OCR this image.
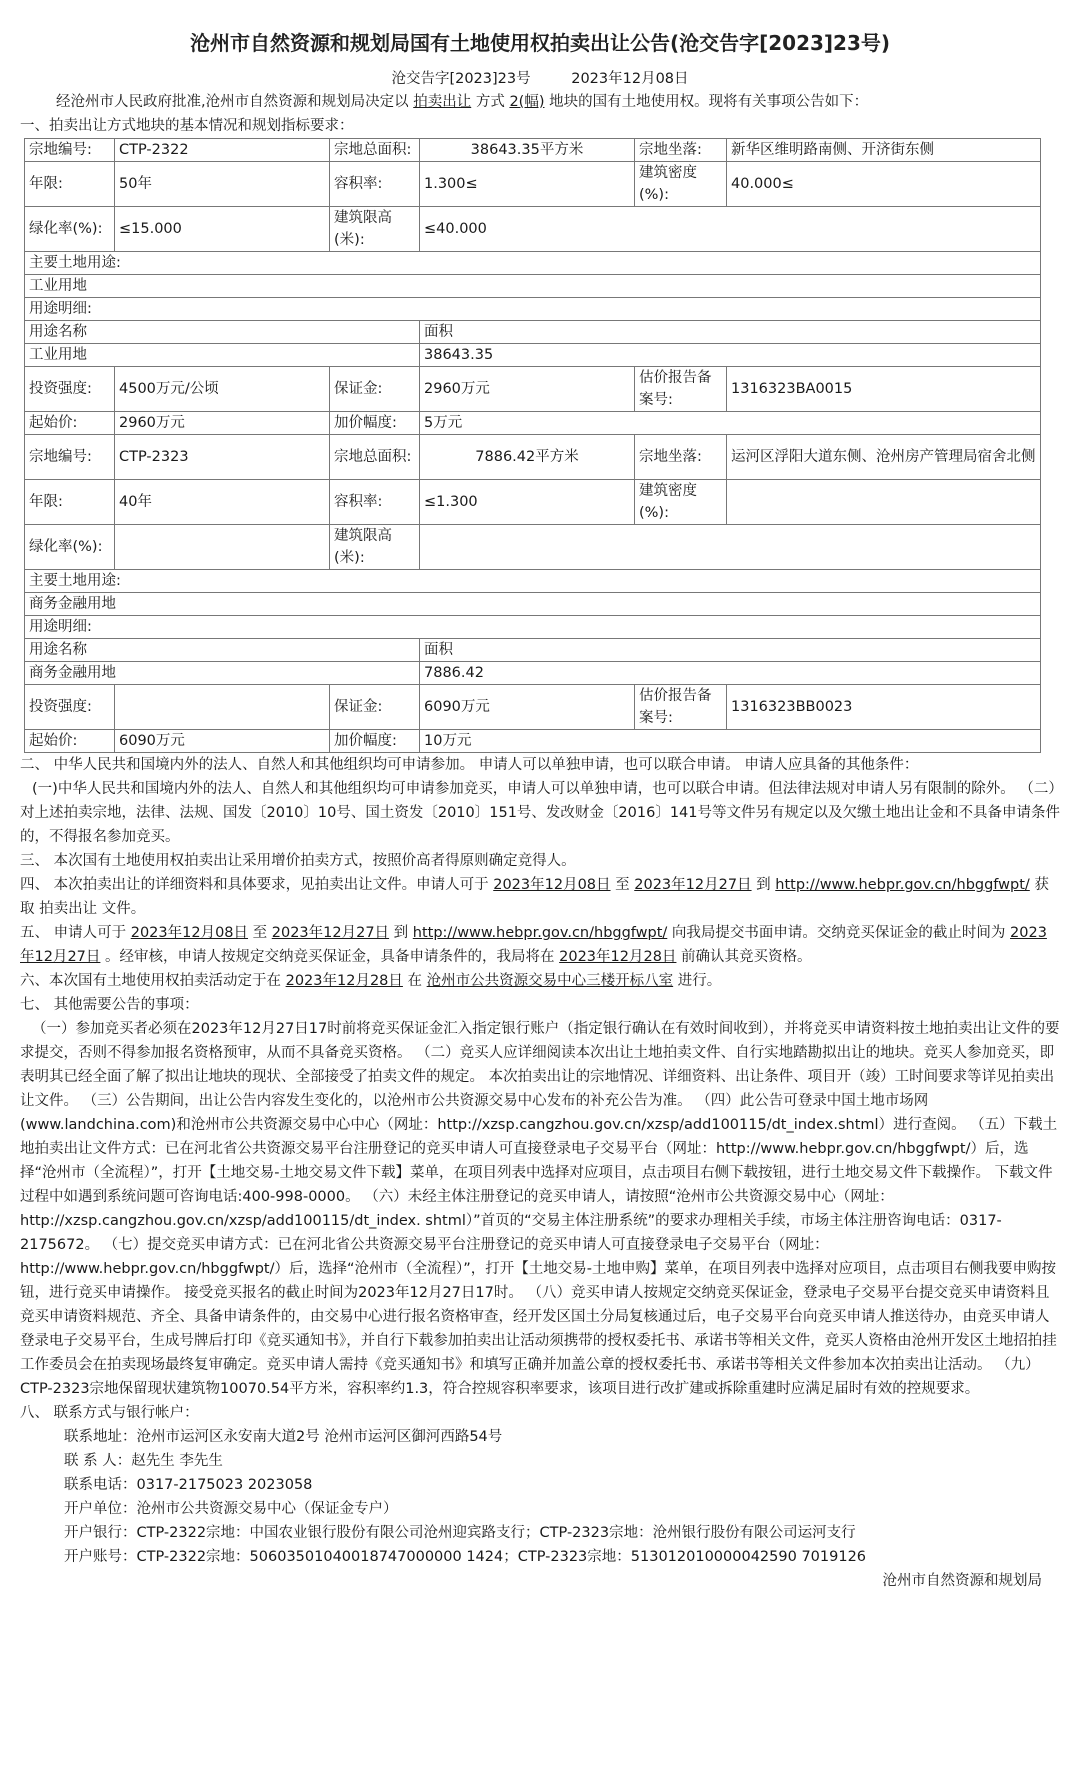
沧州市自然资源和规划局国有土地使用权拍卖出让公告(沧交告字[2023]23号)
沧交告字[2023]23号	2023年12月08日

经沧州市人民政府批准,沧州市自然资源和规划局决定以 拍卖出让 方式 2(幅) 地块的国有土地使用权。现将有关事项公告如下：

一、拍卖出让方式地块的基本情况和规划指标要求：

宗地编号:	CTP-2322	宗地总面积:	38643.35平方米	宗地坐落:	新华区维明路南侧、开济街东侧
年限:	50年	容积率:	1.300≤	建筑密度(%):	40.000≤
绿化率(%):	≤15.000	建筑限高(米):	≤40.000		
主要土地用途:					
工业用地					
用途明细:					
用途名称			面积		
工业用地			38643.35		
投资强度:	4500万元/公顷	保证金:	2960万元	估价报告备案号:	1316323BA0015
起始价:	2960万元	加价幅度:	5万元		
宗地编号:	CTP-2323	宗地总面积:	7886.42平方米	宗地坐落:	运河区浮阳大道东侧、沧州房产管理局宿舍北侧
年限:	40年	容积率:	≤1.300	建筑密度(%):	
绿化率(%):		建筑限高(米):			
主要土地用途:					
商务金融用地					
用途明细:					
用途名称			面积		
商务金融用地			7886.42		
投资强度:		保证金:	6090万元	估价报告备案号:	1316323BB0023
起始价:	6090万元	加价幅度:	10万元		

二、 中华人民共和国境内外的法人、自然人和其他组织均可申请参加。 申请人可以单独申请，也可以联合申请。 申请人应具备的其他条件：

(一)中华人民共和国境内外的法人、自然人和其他组织均可申请参加竞买，申请人可以单独申请，也可以联合申请。但法律法规对申请人另有限制的除外。 （二）对上述拍卖宗地，法律、法规、国发〔2010〕10号、国土资发〔2010〕151号、发改财金〔2016〕141号等文件另有规定以及欠缴土地出让金和不具备申请条件的，不得报名参加竞买。

三、 本次国有土地使用权拍卖出让采用增价拍卖方式，按照价高者得原则确定竞得人。

四、 本次拍卖出让的详细资料和具体要求，见拍卖出让文件。申请人可于 2023年12月08日 至 2023年12月27日 到 http://www.hebpr.gov.cn/hbggfwpt/ 获取 拍卖出让 文件。

五、 申请人可于 2023年12月08日 至 2023年12月27日 到 http://www.hebpr.gov.cn/hbggfwpt/ 向我局提交书面申请。交纳竞买保证金的截止时间为 2023年12月27日 。经审核，申请人按规定交纳竞买保证金，具备申请条件的，我局将在 2023年12月28日 前确认其竞买资格。

六、本次国有土地使用权拍卖活动定于在 2023年12月28日 在 沧州市公共资源交易中心三楼开标八室 进行。

七、 其他需要公告的事项：

（一）参加竞买者必须在2023年12月27日17时前将竞买保证金汇入指定银行账户（指定银行确认在有效时间收到），并将竞买申请资料按土地拍卖出让文件的要求提交，否则不得参加报名资格预审，从而不具备竞买资格。 （二）竞买人应详细阅读本次出让土地拍卖文件、自行实地踏勘拟出让的地块。竞买人参加竞买，即表明其已经全面了解了拟出让地块的现状、全部接受了拍卖文件的规定。 本次拍卖出让的宗地情况、详细资料、出让条件、项目开（竣）工时间要求等详见拍卖出让文件。 （三）公告期间，出让公告内容发生变化的，以沧州市公共资源交易中心发布的补充公告为准。 （四）此公告可登录中国土地市场网(www.landchina.com)和沧州市公共资源交易中心中心（网址：http://xzsp.cangzhou.gov.cn/xzsp/add100115/dt_index.shtml）进行查阅。 （五）下载土地拍卖出让文件方式：已在河北省公共资源交易平台注册登记的竞买申请人可直接登录电子交易平台（网址：http://www.hebpr.gov.cn/hbggfwpt/）后，选择“沧州市（全流程）”，打开【土地交易-土地交易文件下载】菜单，在项目列表中选择对应项目，点击项目右侧下载按钮，进行土地交易文件下载操作。 下载文件过程中如遇到系统问题可咨询电话:400-998-0000。 （六）未经主体注册登记的竞买申请人，请按照“沧州市公共资源交易中心（网址：http://xzsp.cangzhou.gov.cn/xzsp/add100115/dt_index. shtml）”首页的“交易主体注册系统”的要求办理相关手续，市场主体注册咨询电话：0317-2175672。 （七）提交竞买申请方式：已在河北省公共资源交易平台注册登记的竞买申请人可直接登录电子交易平台（网址：http://www.hebpr.gov.cn/hbggfwpt/）后，选择“沧州市（全流程）”，打开【土地交易-土地申购】菜单，在项目列表中选择对应项目，点击项目右侧我要申购按钮，进行竞买申请操作。 接受竞买报名的截止时间为2023年12月27日17时。 （八）竞买申请人按规定交纳竞买保证金，登录电子交易平台提交竞买申请资料且竞买申请资料规范、齐全、具备申请条件的，由交易中心进行报名资格审查，经开发区国土分局复核通过后，电子交易平台向竞买申请人推送待办，由竞买申请人登录电子交易平台，生成号牌后打印《竞买通知书》，并自行下载参加拍卖出让活动须携带的授权委托书、承诺书等相关文件，竞买人资格由沧州开发区土地招拍挂工作委员会在拍卖现场最终复审确定。竞买申请人需持《竞买通知书》和填写正确并加盖公章的授权委托书、承诺书等相关文件参加本次拍卖出让活动。 （九）CTP-2323宗地保留现状建筑物10070.54平方米，容积率约1.3，符合控规容积率要求，该项目进行改扩建或拆除重建时应满足届时有效的控规要求。

八、 联系方式与银行帐户：

联系地址：沧州市运河区永安南大道2号 沧州市运河区御河西路54号
联 系 人：赵先生 李先生
联系电话：0317-2175023 2023058
开户单位：沧州市公共资源交易中心（保证金专户）
开户银行：CTP-2322宗地：中国农业银行股份有限公司沧州迎宾路支行；CTP-2323宗地：沧州银行股份有限公司运河支行
开户账号：CTP-2322宗地：50603501040018747000000 1424；CTP-2323宗地：513012010000042590 7019126
沧州市自然资源和规划局
